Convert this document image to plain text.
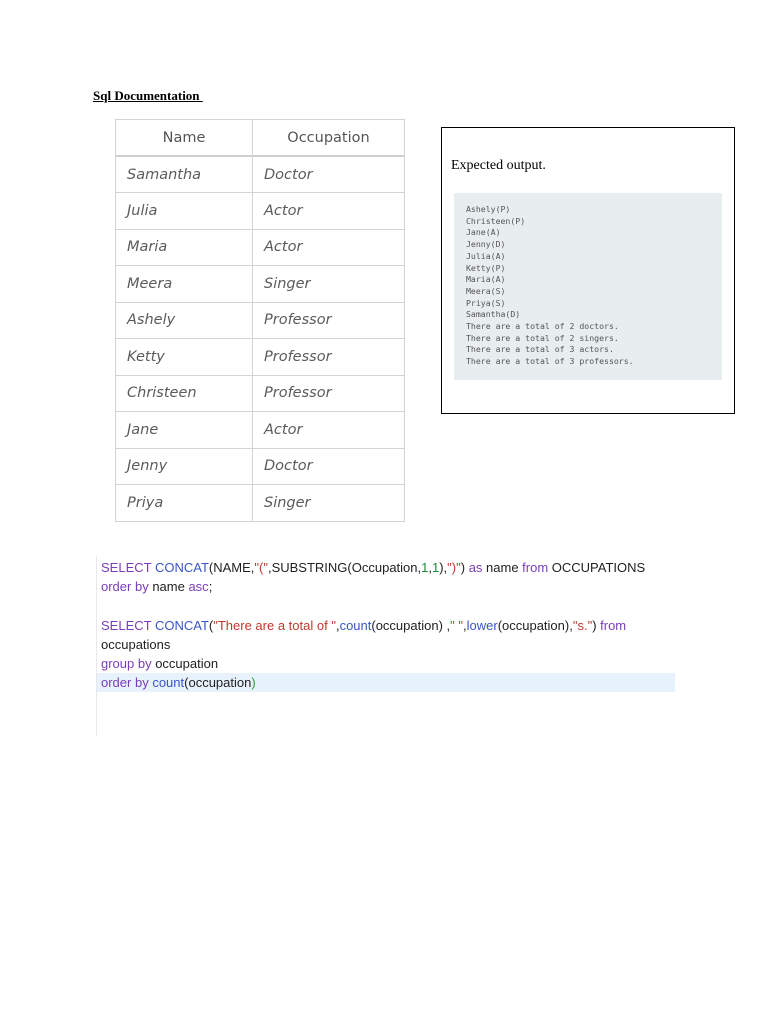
Sql Documentation
Name	Occupation
Samantha	Doctor
Julia	Actor
Maria	Actor
Meera	Singer
Ashely	Professor
Ketty	Professor
Christeen	Professor
Jane	Actor
Jenny	Doctor
Priya	Singer
Expected output.
Ashely(P)
Christeen(P)
Jane(A)
Jenny(D)
Julia(A)
Ketty(P)
Maria(A)
Meera(S)
Priya(S)
Samantha(D)
There are a total of 2 doctors.
There are a total of 2 singers.
There are a total of 3 actors.
There are a total of 3 professors.
SELECT CONCAT(NAME,"(",SUBSTRING(Occupation,1,1),")") as name from OCCUPATIONS
order by name asc;
SELECT CONCAT("There are a total of ",count(occupation) ," ",lower(occupation),"s.") from
occupations
group by occupation
order by count(occupation)
